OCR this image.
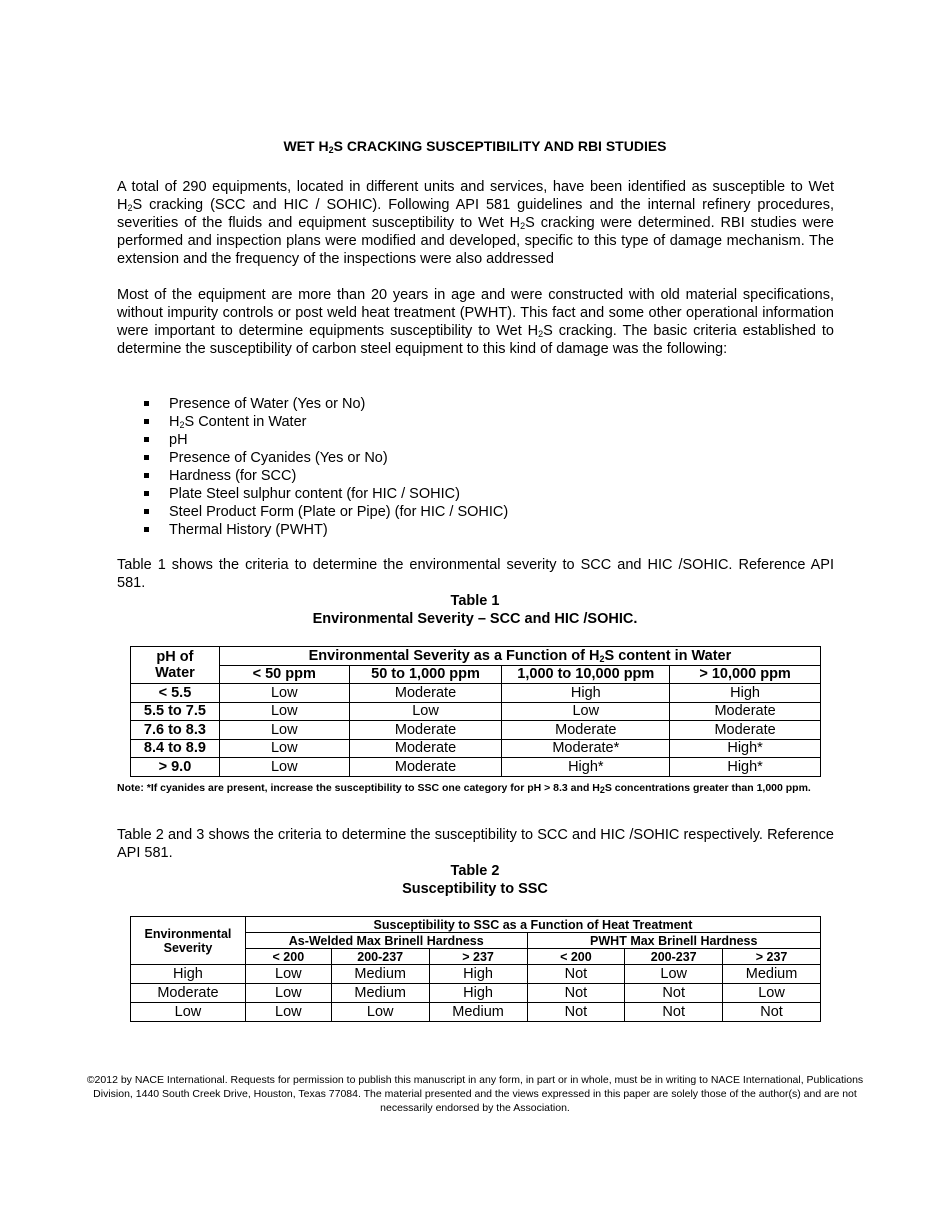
WET $H_2S$ CRACKING SUSCEPTIBILITY AND RBI STUDIES
A total of 290 equipments, located in different units and services, have been identified as susceptible to Wet $H_2S$ cracking (SCC and HIC / SOHIC). Following API 581 guidelines and the internal refinery procedures, severities of the fluids and equipment susceptibility to Wet $H_2S$ cracking were determined. RBI studies were performed and inspection plans were modified and developed, specific to this type of damage mechanism. The extension and the frequency of the inspections were also addressed
Most of the equipment are more than 20 years in age and were constructed with old material specifications, without impurity controls or post weld heat treatment (PWHT). This fact and some other operational information were important to determine equipments susceptibility to Wet $H_2S$ cracking. The basic criteria established to determine the susceptibility of carbon steel equipment to this kind of damage was the following:
Presence of Water (Yes or No)
$H_2S$ Content in Water
pH
Presence of Cyanides (Yes or No)
Hardness (for SCC)
Plate Steel sulphur content (for HIC / SOHIC)
Steel Product Form (Plate or Pipe) (for HIC / SOHIC)
Thermal History (PWHT)
Table 1 shows the criteria to determine the environmental severity to SCC and HIC /SOHIC. Reference API 581.
Table 1
Environmental Severity – SCC and HIC /SOHIC.
pH of
Water	Environmental Severity as a Function of $H_2S$ content in Water			
	< 50 ppm	50 to 1,000 ppm	1,000 to 10,000 ppm	> 10,000 ppm
< 5.5	Low	Moderate	High	High
5.5 to 7.5	Low	Low	Low	Moderate
7.6 to 8.3	Low	Moderate	Moderate	Moderate
8.4 to 8.9	Low	Moderate	Moderate*	High*
> 9.0	Low	Moderate	High*	High*
Note: *If cyanides are present, increase the susceptibility to SSC one category for pH > 8.3 and $H_2S$ concentrations greater than 1,000 ppm.
Table 2 and 3 shows the criteria to determine the susceptibility to SCC and HIC /SOHIC respectively. Reference API 581.
Table 2
Susceptibility to SSC
Environmental
Severity	Susceptibility to SSC as a Function of Heat Treatment					
	As-Welded Max Brinell Hardness			PWHT Max Brinell Hardness		
	< 200	200-237	> 237	< 200	200-237	> 237
High	Low	Medium	High	Not	Low	Medium
Moderate	Low	Medium	High	Not	Not	Low
Low	Low	Low	Medium	Not	Not	Not
©2012 by NACE International. Requests for permission to publish this manuscript in any form, in part or in whole, must be in writing to NACE International, Publications Division, 1440 South Creek Drive, Houston, Texas 77084. The material presented and the views expressed in this paper are solely those of the author(s) and are not necessarily endorsed by the Association.
